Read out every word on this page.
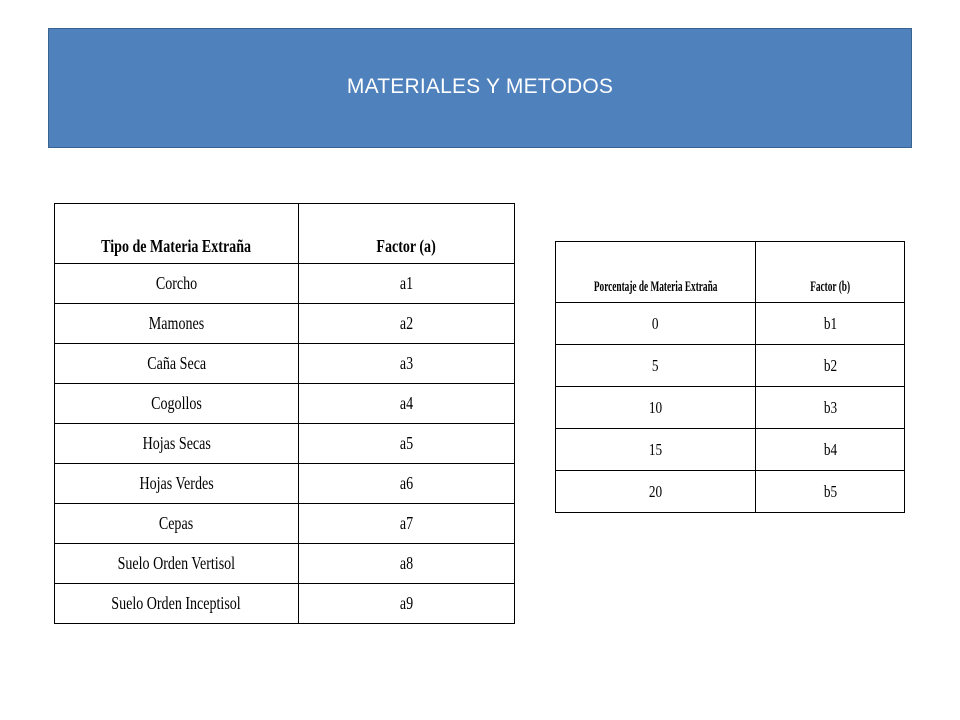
MATERIALES Y METODOS
Tipo de Materia Extraña	Factor (a)
Corcho	a1
Mamones	a2
Caña Seca	a3
Cogollos	a4
Hojas Secas	a5
Hojas Verdes	a6
Cepas	a7
Suelo Orden Vertisol	a8
Suelo Orden Inceptisol	a9
Porcentaje de Materia Extraña	Factor (b)
0	b1
5	b2
10	b3
15	b4
20	b5
